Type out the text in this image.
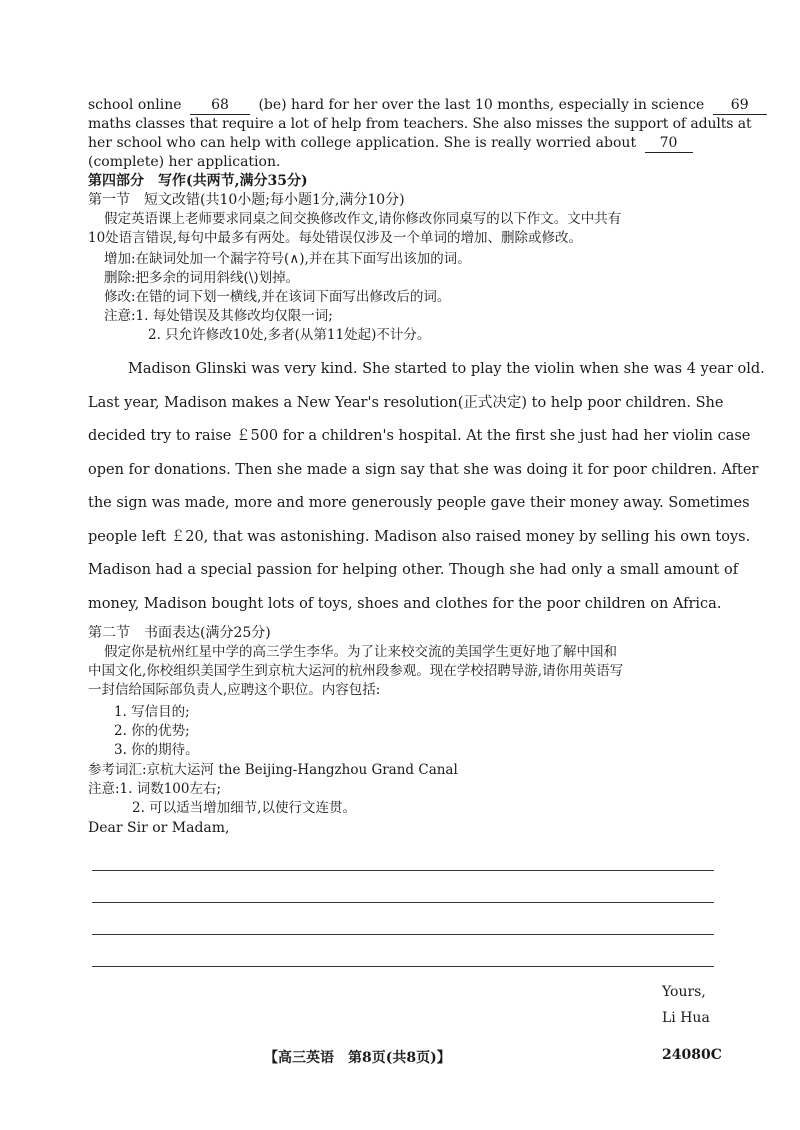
school online 68 (be) hard for her over the last 10 months, especially in science 69
maths classes that require a lot of help from teachers. She also misses the support of adults at
her school who can help with college application. She is really worried about 70
(complete) her application.
第四部分　写作(共两节,满分35分)
第一节　短文改错(共10小题;每小题1分,满分10分)
假定英语课上老师要求同桌之间交换修改作文,请你修改你同桌写的以下作文。文中共有
10处语言错误,每句中最多有两处。每处错误仅涉及一个单词的增加、删除或修改。
增加:在缺词处加一个漏字符号(∧),并在其下面写出该加的词。
删除:把多余的词用斜线(\)划掉。
修改:在错的词下划一横线,并在该词下面写出修改后的词。
注意:1. 每处错误及其修改均仅限一词;
2. 只允许修改10处,多者(从第11处起)不计分。
Madison Glinski was very kind. She started to play the violin when she was 4 year old.
Last year, Madison makes a New Year's resolution(正式决定) to help poor children. She
decided try to raise ￡500 for a children's hospital. At the first she just had her violin case
open for donations. Then she made a sign say that she was doing it for poor children. After
the sign was made, more and more generously people gave their money away. Sometimes
people left ￡20, that was astonishing. Madison also raised money by selling his own toys.
Madison had a special passion for helping other. Though she had only a small amount of
money, Madison bought lots of toys, shoes and clothes for the poor children on Africa.
第二节　书面表达(满分25分)
假定你是杭州红星中学的高三学生李华。为了让来校交流的美国学生更好地了解中国和
中国文化,你校组织美国学生到京杭大运河的杭州段参观。现在学校招聘导游,请你用英语写
一封信给国际部负责人,应聘这个职位。内容包括:
1. 写信目的;
2. 你的优势;
3. 你的期待。
参考词汇:京杭大运河 the Beijing-Hangzhou Grand Canal
注意:1. 词数100左右;
2. 可以适当增加细节,以使行文连贯。
Dear Sir or Madam,
Yours,
Li Hua
【高三英语　第8页(共8页)】	24080C
